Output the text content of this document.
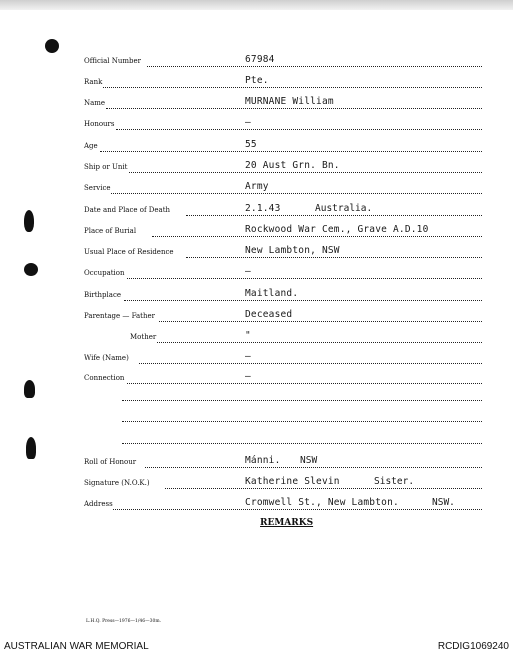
Official Number	67984
Rank	Pte.
Name	MURNANE William
Honours	–
Age	55
Ship or Unit	20 Aust Grn. Bn.
Service	Army
Date and Place of Death	2.1.43	Australia.
Place of Burial	Rockwood War Cem., Grave A.D.10
Usual Place of Residence	New Lambton, NSW
Occupation	–
Birthplace	Maitland.
Parentage — Father	Deceased
Mother	"
Wife (Name)	–
Connection	–
Roll of Honour	Mánni. NSW
Signature (N.O.K.)	Katherine Slevin	Sister.
Address	Cromwell St., New Lambton.	NSW.
REMARKS
L.H.Q. Press—1976—1/46—30m.
AUSTRALIAN WAR MEMORIAL	RCDIG1069240
